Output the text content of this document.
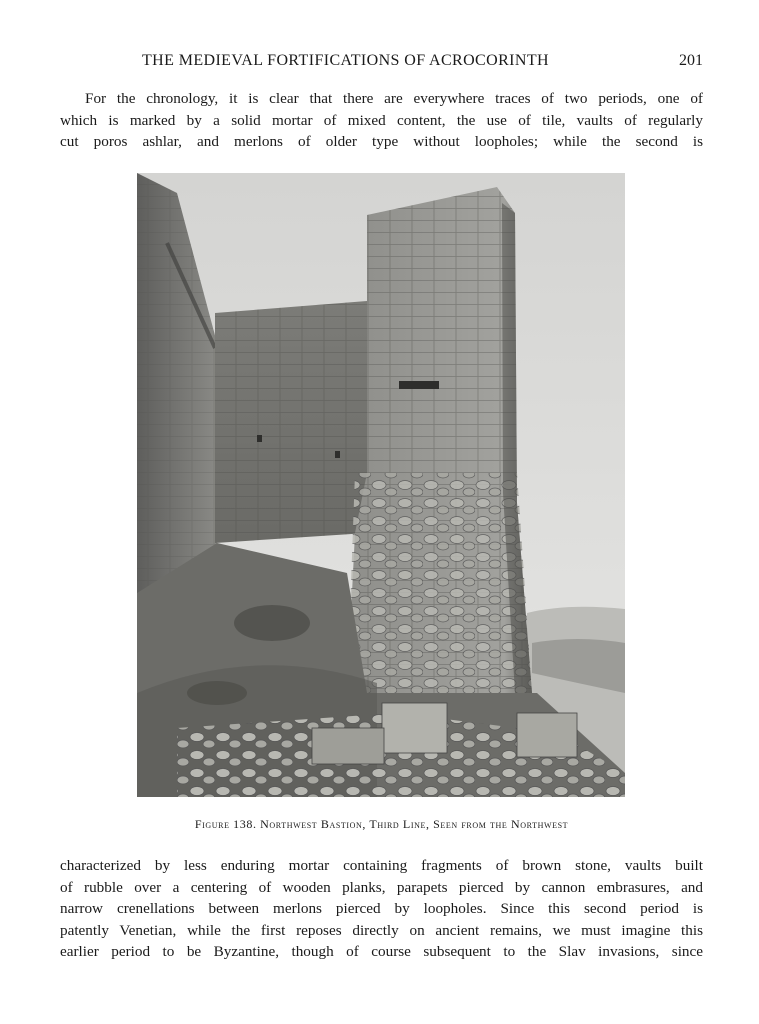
THE MEDIEVAL FORTIFICATIONS OF ACROCORINTH	201
For the chronology, it is clear that there are everywhere traces of two periods, one of
which is marked by a solid mortar of mixed content, the use of tile, vaults of regularly
cut poros ashlar, and merlons of older type without loopholes; while the second is
Figure 138. Northwest Bastion, Third Line, Seen from the Northwest
characterized by less enduring mortar containing fragments of brown stone, vaults built
of rubble over a centering of wooden planks, parapets pierced by cannon embrasures, and
narrow crenellations between merlons pierced by loopholes. Since this second period is
patently Venetian, while the first reposes directly on ancient remains, we must imagine this
earlier period to be Byzantine, though of course subsequent to the Slav invasions, since
